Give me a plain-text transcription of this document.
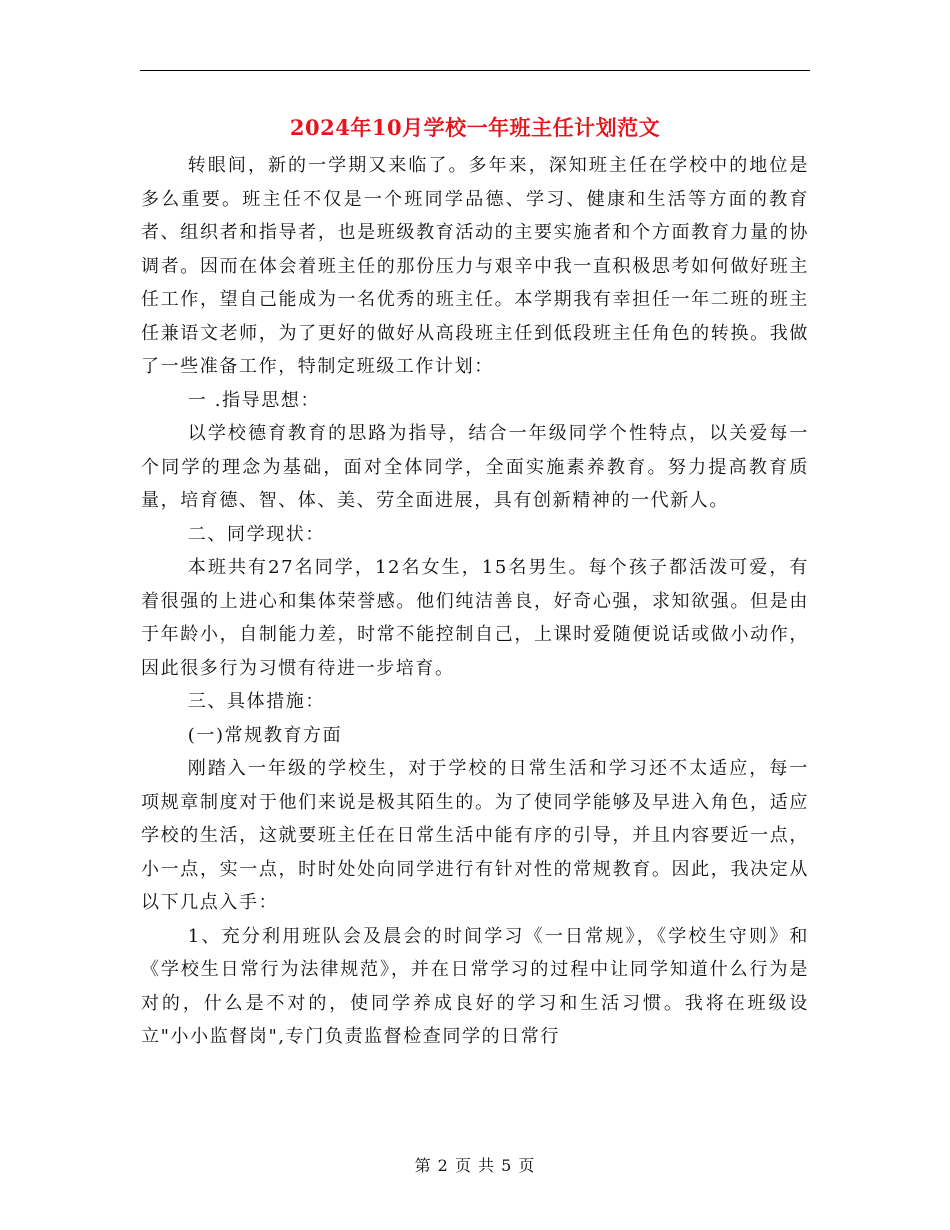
2024年10月学校一年班主任计划范文

转眼间，新的一学期又来临了。多年来，深知班主任在学校中的地位是多么重要。班主任不仅是一个班同学品德、学习、健康和生活等方面的教育者、组织者和指导者，也是班级教育活动的主要实施者和个方面教育力量的协调者。因而在体会着班主任的那份压力与艰辛中我一直积极思考如何做好班主任工作，望自己能成为一名优秀的班主任。本学期我有幸担任一年二班的班主任兼语文老师，为了更好的做好从高段班主任到低段班主任角色的转换。我做了一些准备工作，特制定班级工作计划：

一 .指导思想：

以学校德育教育的思路为指导，结合一年级同学个性特点，以关爱每一个同学的理念为基础，面对全体同学，全面实施素养教育。努力提高教育质量，培育德、智、体、美、劳全面进展，具有创新精神的一代新人。

二、同学现状：

本班共有27名同学，12名女生，15名男生。每个孩子都活泼可爱，有着很强的上进心和集体荣誉感。他们纯洁善良，好奇心强，求知欲强。但是由于年龄小，自制能力差，时常不能控制自己，上课时爱随便说话或做小动作，因此很多行为习惯有待进一步培育。

三、具体措施：

(一)常规教育方面

刚踏入一年级的学校生，对于学校的日常生活和学习还不太适应，每一项规章制度对于他们来说是极其陌生的。为了使同学能够及早进入角色，适应学校的生活，这就要班主任在日常生活中能有序的引导，并且内容要近一点，小一点，实一点，时时处处向同学进行有针对性的常规教育。因此，我决定从以下几点入手：

1、充分利用班队会及晨会的时间学习《一日常规》，《学校生守则》和《学校生日常行为法律规范》，并在日常学习的过程中让同学知道什么行为是对的，什么是不对的，使同学养成良好的学习和生活习惯。我将在班级设立"小小监督岗",专门负责监督检查同学的日常行

第 2 页 共 5 页
